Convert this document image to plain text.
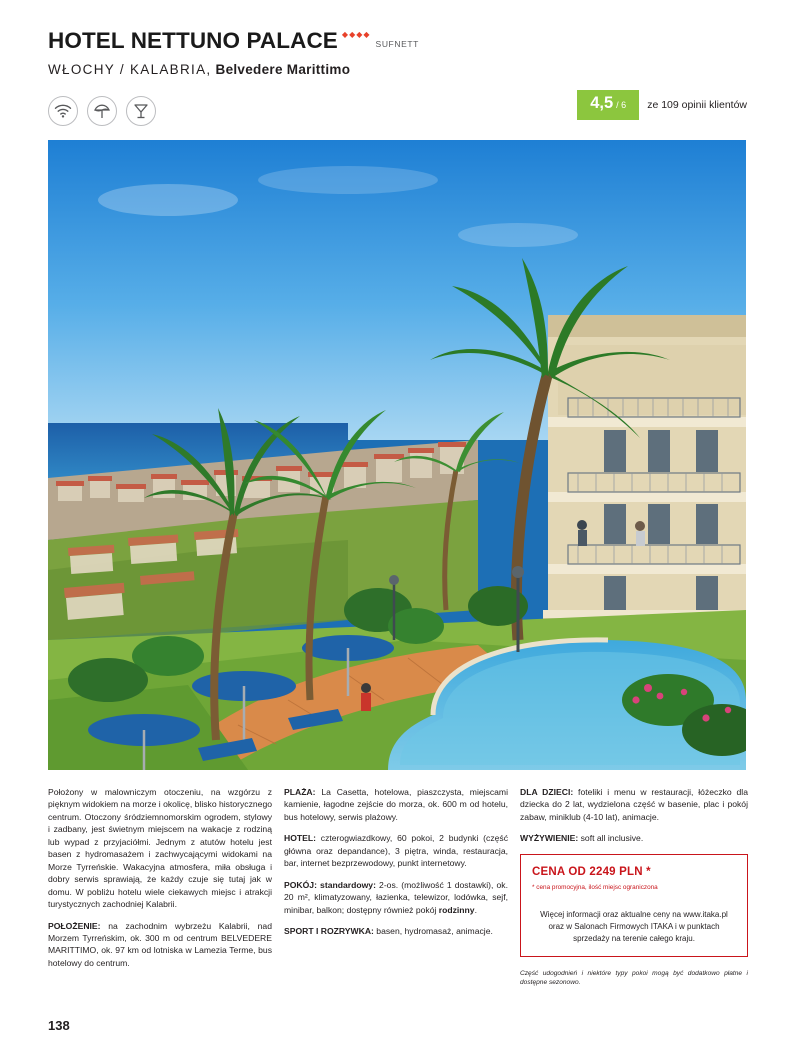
HOTEL NETTUNO PALACE ◆ ◆ ◆ ◆
SUFNETT
WŁOCHY / KALABRIA, Belvedere Marittimo
4,5 / 6 ze 109 opinii klientów

Położony w malowniczym otoczeniu, na wzgórzu z pięknym widokiem na morze i okolicę, blisko historycznego centrum. Otoczony śródziemnomorskim ogrodem, stylowy i zadbany, jest świetnym miejscem na wakacje z rodziną lub wypad z przyjaciółmi. Jednym z atutów hotelu jest basen z hydromasażem i zachwycającymi widokami na Morze Tyrreńskie. Wakacyjna atmosfera, miła obsługa i dobry serwis sprawiają, że każdy czuje się tutaj jak w domu. W pobliżu hotelu wiele ciekawych miejsc i atrakcji turystycznych zachodniej Kalabrii.

POŁOŻENIE: na zachodnim wybrzeżu Kalabrii, nad Morzem Tyrreńskim, ok. 300 m od centrum BELVEDERE MARITTIMO, ok. 97 km od lotniska w Lamezia Terme, bus hotelowy do centrum.

PLAŻA: La Casetta, hotelowa, piaszczysta, miejscami kamienie, łagodne zejście do morza, ok. 600 m od hotelu, bus hotelowy, serwis plażowy.

HOTEL: czterogwiazdkowy, 60 pokoi, 2 budynki (część główna oraz depandance), 3 piętra, winda, restauracja, bar, internet bezprzewodowy, punkt internetowy.

POKÓJ: standardowy: 2-os. (możliwość 1 dostawki), ok. 20 m², klimatyzowany, łazienka, telewizor, lodówka, sejf, minibar, balkon; dostępny również pokój rodzinny.

SPORT I ROZRYWKA: basen, hydromasaż, animacje.

DLA DZIECI: foteliki i menu w restauracji, łóżeczko dla dziecka do 2 lat, wydzielona część w basenie, plac i pokój zabaw, miniklub (4-10 lat), animacje.

WYŻYWIENIE: soft all inclusive.

CENA OD 2249 PLN *
* cena promocyjna, ilość miejsc ograniczona
Więcej informacji oraz aktualne ceny na www.itaka.pl oraz w Salonach Firmowych ITAKA i w punktach sprzedaży na terenie całego kraju.
Część udogodnień i niektóre typy pokoi mogą być dodatkowo płatne i dostępne sezonowo.
138
